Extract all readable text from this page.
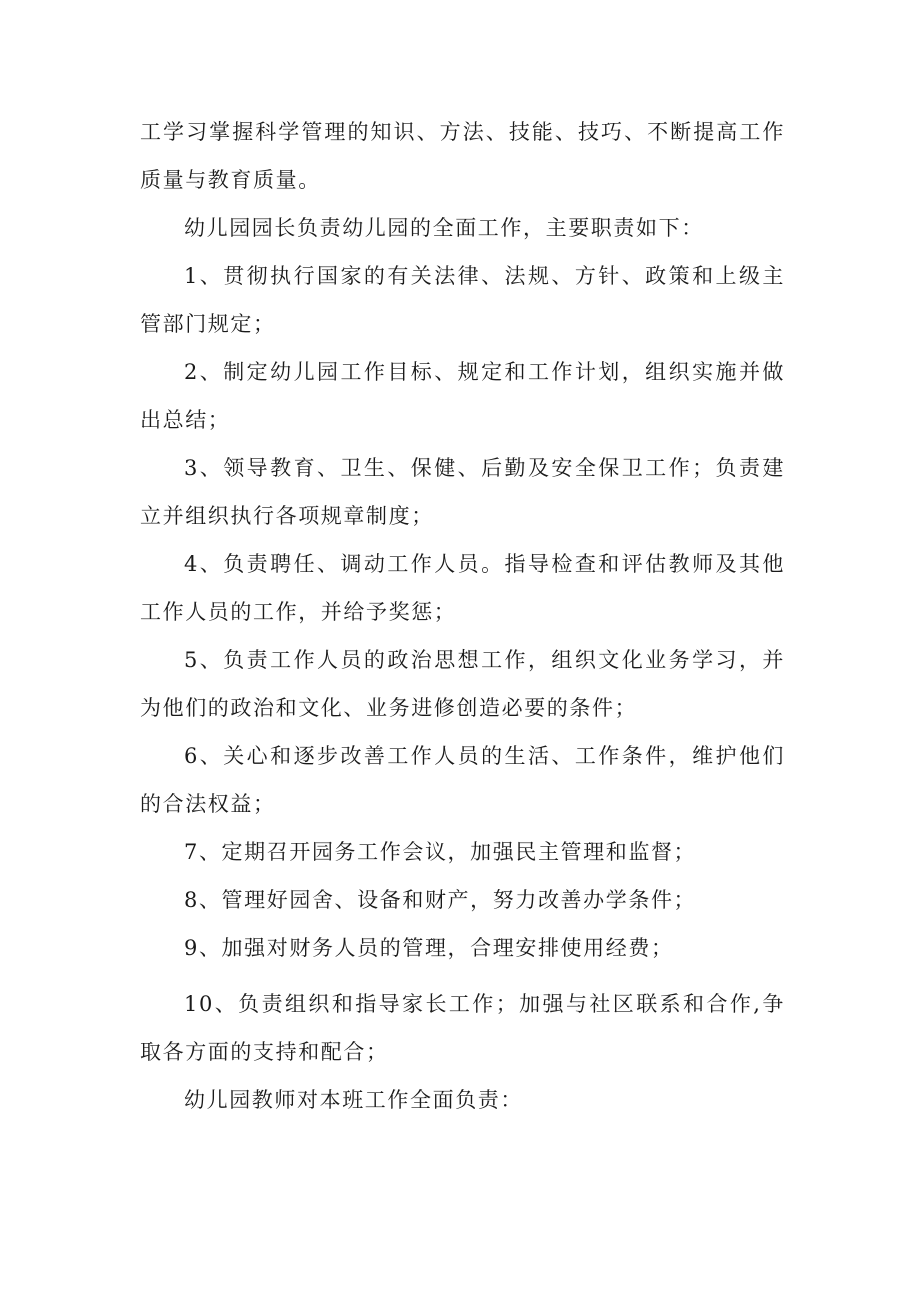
工学习掌握科学管理的知识、方法、技能、技巧、不断提高工作质量与教育质量。

幼儿园园长负责幼儿园的全面工作，主要职责如下：

1、贯彻执行国家的有关法律、法规、方针、政策和上级主管部门规定；

2、制定幼儿园工作目标、规定和工作计划，组织实施并做出总结；

3、领导教育、卫生、保健、后勤及安全保卫工作；负责建立并组织执行各项规章制度；

4、负责聘任、调动工作人员。指导检查和评估教师及其他工作人员的工作，并给予奖惩；

5、负责工作人员的政治思想工作，组织文化业务学习，并为他们的政治和文化、业务进修创造必要的条件；

6、关心和逐步改善工作人员的生活、工作条件，维护他们的合法权益；

7、定期召开园务工作会议，加强民主管理和监督；

8、管理好园舍、设备和财产，努力改善办学条件；

9、加强对财务人员的管理，合理安排使用经费；

10、负责组织和指导家长工作；加强与社区联系和合作,争取各方面的支持和配合；

幼儿园教师对本班工作全面负责：
